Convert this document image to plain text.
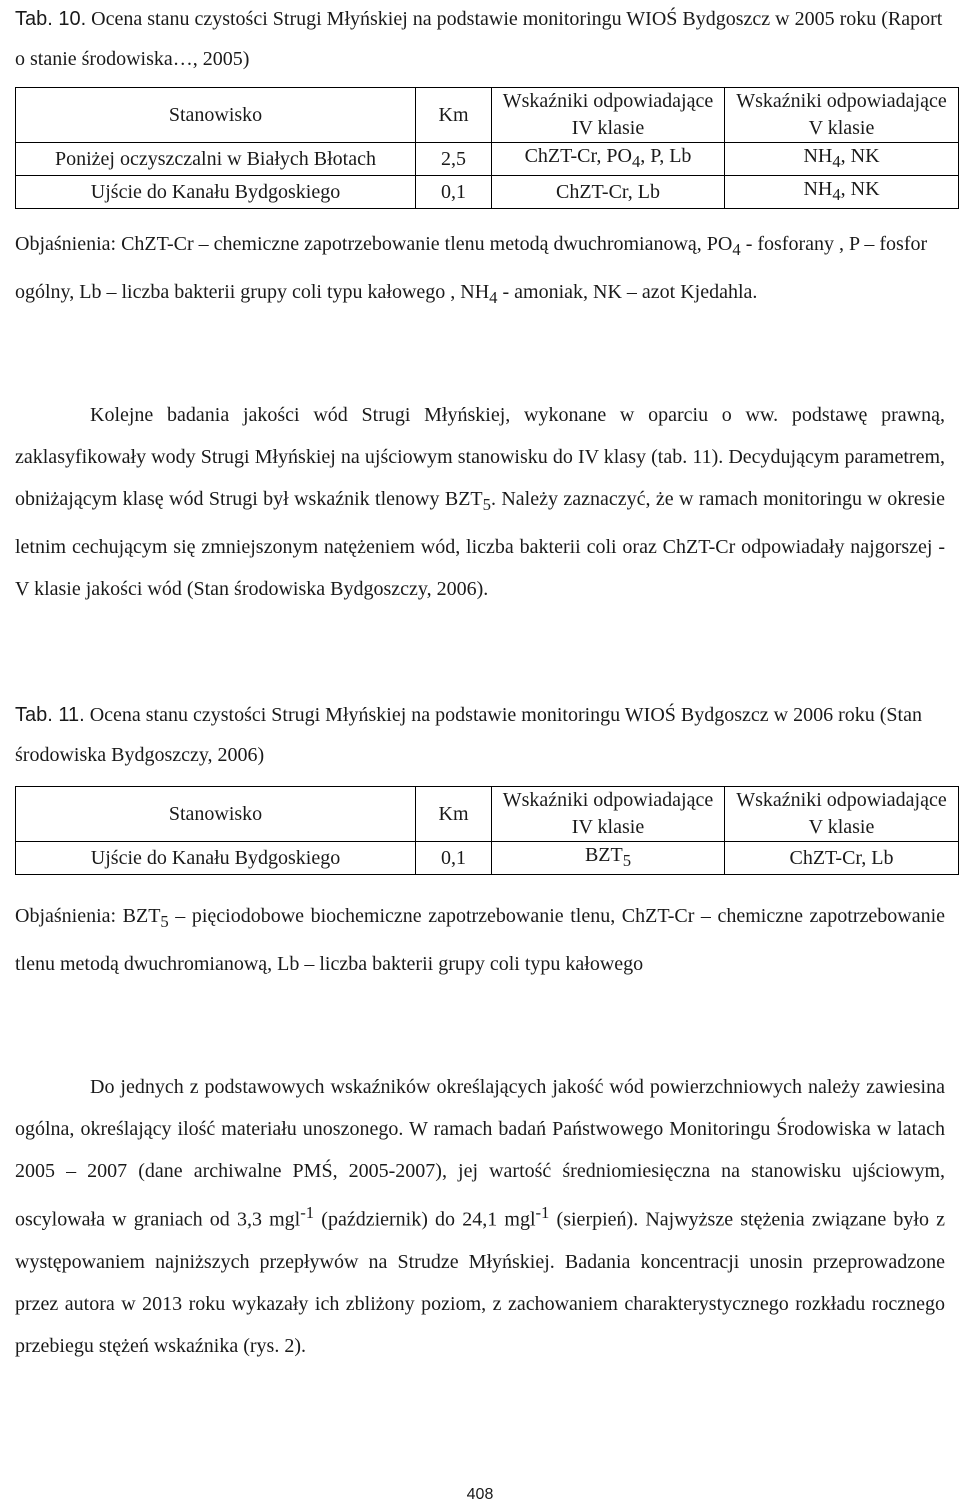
Tab. 10. Ocena stanu czystości Strugi Młyńskiej na podstawie monitoringu WIOŚ Bydgoszcz w 2005 roku (Raport o stanie środowiska…, 2005)
Stanowisko	Km	Wskaźniki odpowiadające IV klasie	Wskaźniki odpowiadające V klasie
Poniżej oczyszczalni w Białych Błotach	2,5	ChZT-Cr, $PO_4$, P, Lb	$NH_4$, NK
Ujście do Kanału Bydgoskiego	0,1	ChZT-Cr, Lb	$NH_4$, NK
Objaśnienia: ChZT-Cr – chemiczne zapotrzebowanie tlenu metodą dwuchromianową, $PO_4$ - fosforany , P – fosfor ogólny, Lb – liczba bakterii grupy coli typu kałowego , $NH_4$ - amoniak, NK – azot Kjedahla.
Kolejne badania jakości wód Strugi Młyńskiej, wykonane w oparciu o ww. podstawę prawną, zaklasyfikowały wody Strugi Młyńskiej na ujściowym stanowisku do IV klasy (tab. 11). Decydującym parametrem, obniżającym klasę wód Strugi był wskaźnik tlenowy $BZT_5$. Należy zaznaczyć, że w ramach monitoringu w okresie letnim cechującym się zmniejszonym natężeniem wód, liczba bakterii coli oraz ChZT-Cr odpowiadały najgorszej - V klasie jakości wód (Stan środowiska Bydgoszczy, 2006).
Tab. 11. Ocena stanu czystości Strugi Młyńskiej na podstawie monitoringu WIOŚ Bydgoszcz w 2006 roku (Stan środowiska Bydgoszczy, 2006)
Stanowisko	Km	Wskaźniki odpowiadające IV klasie	Wskaźniki odpowiadające V klasie
Ujście do Kanału Bydgoskiego	0,1	$BZT_5$	ChZT-Cr, Lb
Objaśnienia: $BZT_5$ – pięciodobowe biochemiczne zapotrzebowanie tlenu, ChZT-Cr – chemiczne zapotrzebowanie tlenu metodą dwuchromianową, Lb – liczba bakterii grupy coli typu kałowego
Do jednych z podstawowych wskaźników określających jakość wód powierzchniowych należy zawiesina ogólna, określający ilość materiału unoszonego. W ramach badań Państwowego Monitoringu Środowiska w latach 2005 – 2007 (dane archiwalne PMŚ, 2005-2007), jej wartość średniomiesięczna na stanowisku ujściowym, oscylowała w graniach od 3,3 mgl$^{-1}$ (październik) do 24,1 mgl$^{-1}$ (sierpień). Najwyższe stężenia związane było z występowaniem najniższych przepływów na Strudze Młyńskiej. Badania koncentracji unosin przeprowadzone przez autora w 2013 roku wykazały ich zbliżony poziom, z zachowaniem charakterystycznego rozkładu rocznego przebiegu stężeń wskaźnika (rys. 2).
408
